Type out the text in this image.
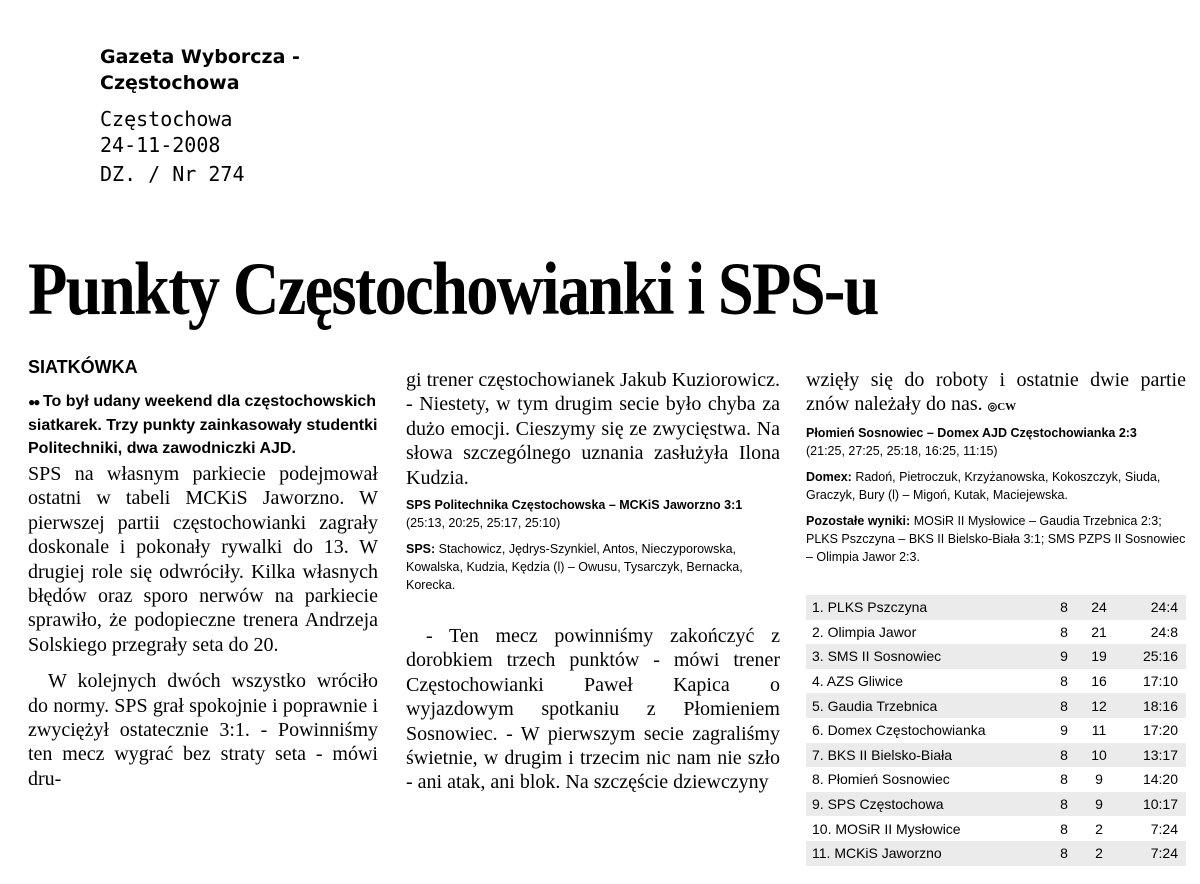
Gazeta Wyborcza -
Częstochowa
Częstochowa
24-11-2008
DZ. / Nr 274
Punkty Częstochowianki i SPS-u
SIATKÓWKA
●● To był udany weekend dla częstochowskich siatkarek. Trzy punkty zainkasowały studentki Politechniki, dwa zawodniczki AJD.

SPS na własnym parkiecie podejmował ostatni w tabeli MCKiS Jaworzno. W pierwszej partii częstochowianki zagrały doskonale i pokonały rywalki do 13. W drugiej role się odwróciły. Kilka własnych błędów oraz sporo nerwów na parkiecie sprawiło, że podopieczne trenera Andrzeja Solskiego przegrały seta do 20.

W kolejnych dwóch wszystko wróciło do normy. SPS grał spokojnie i poprawnie i zwyciężył ostatecznie 3:1. - Powinniśmy ten mecz wygrać bez straty seta - mówi dru-

gi trener częstochowianek Jakub Kuziorowicz. - Niestety, w tym drugim secie było chyba za dużo emocji. Cieszymy się ze zwycięstwa. Na słowa szczególnego uznania zasłużyła Ilona Kudzia.

SPS Politechnika Częstochowska – MCKiS Jaworzno 3:1
(25:13, 20:25, 25:17, 25:10)

SPS: Stachowicz, Jędrys-Szynkiel, Antos, Nieczyporowska, Kowalska, Kudzia, Kędzia (l) – Owusu, Tysarczyk, Bernacka, Korecka.

- Ten mecz powinniśmy zakończyć z dorobkiem trzech punktów - mówi trener Częstochowianki Paweł Kapica o wyjazdowym spotkaniu z Płomieniem Sosnowiec. - W pierwszym secie zagraliśmy świetnie, w drugim i trzecim nic nam nie szło - ani atak, ani blok. Na szczęście dziewczyny

wzięły się do roboty i ostatnie dwie partie znów należały do nas. ◎CW

Płomień Sosnowiec – Domex AJD Częstochowianka 2:3
(21:25, 27:25, 25:18, 16:25, 11:15)

Domex: Radoń, Pietroczuk, Krzyżanowska, Kokoszczyk, Siuda, Graczyk, Bury (l) – Migoń, Kutak, Maciejewska.

Pozostałe wyniki: MOSiR II Mysłowice – Gaudia Trzebnica 2:3; PLKS Pszczyna – BKS II Bielsko-Biała 3:1; SMS PZPS II Sosnowiec – Olimpia Jawor 2:3.

1. PLKS Pszczyna	8	24	24:4
2. Olimpia Jawor	8	21	24:8
3. SMS II Sosnowiec	9	19	25:16
4. AZS Gliwice	8	16	17:10
5. Gaudia Trzebnica	8	12	18:16
6. Domex Częstochowianka	9	11	17:20
7. BKS II Bielsko-Biała	8	10	13:17
8. Płomień Sosnowiec	8	9	14:20
9. SPS Częstochowa	8	9	10:17
10. MOSiR II Mysłowice	8	2	7:24
11. MCKiS Jaworzno	8	2	7:24
